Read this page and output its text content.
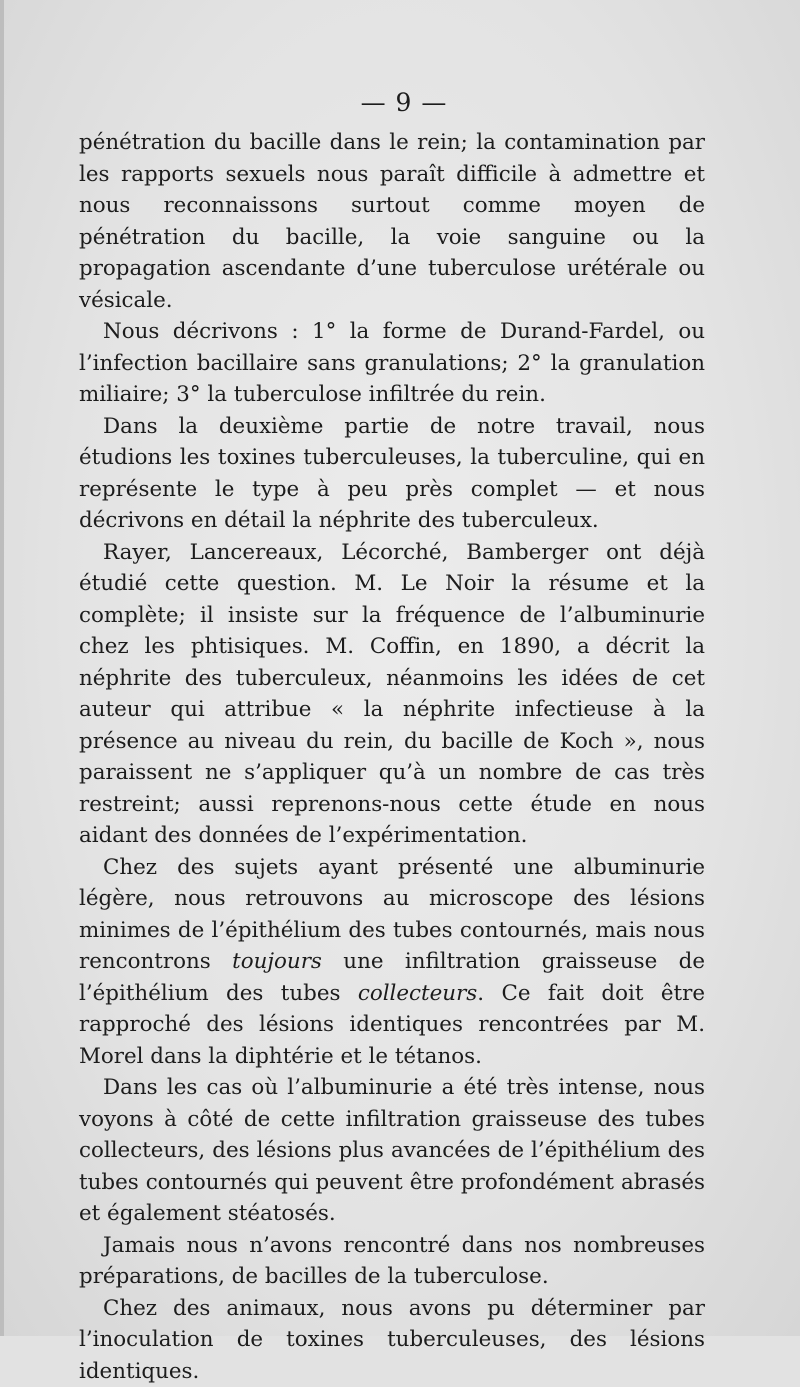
— 9 —

pénétration du bacille dans le rein; la contamination par les rapports sexuels nous paraît difficile à admettre et nous reconnaissons surtout comme moyen de pénétration du bacille, la voie sanguine ou la propagation ascendante d’une tuberculose urétérale ou vésicale.

Nous décrivons : 1° la forme de Durand-Fardel, ou l’infection bacillaire sans granulations; 2° la granulation miliaire; 3° la tuberculose infiltrée du rein.

Dans la deuxième partie de notre travail, nous étudions les toxines tuberculeuses, la tuberculine, qui en représente le type à peu près complet — et nous décrivons en détail la néphrite des tuberculeux.

Rayer, Lancereaux, Lécorché, Bamberger ont déjà étudié cette question. M. Le Noir la résume et la complète; il insiste sur la fréquence de l’albuminurie chez les phtisiques. M. Coffin, en 1890, a décrit la néphrite des tuberculeux, néanmoins les idées de cet auteur qui attribue « la néphrite infectieuse à la présence au niveau du rein, du bacille de Koch », nous paraissent ne s’appliquer qu’à un nombre de cas très restreint; aussi reprenons-nous cette étude en nous aidant des données de l’expérimentation.

Chez des sujets ayant présenté une albuminurie légère, nous retrouvons au microscope des lésions minimes de l’épithélium des tubes contournés, mais nous rencontrons toujours une infiltration graisseuse de l’épithélium des tubes collecteurs. Ce fait doit être rapproché des lésions identiques rencontrées par M. Morel dans la diphtérie et le tétanos.

Dans les cas où l’albuminurie a été très intense, nous voyons à côté de cette infiltration graisseuse des tubes collecteurs, des lésions plus avancées de l’épithélium des tubes contournés qui peuvent être profondément abrasés et également stéatosés.

Jamais nous n’avons rencontré dans nos nombreuses préparations, de bacilles de la tuberculose.

Chez des animaux, nous avons pu déterminer par l’inoculation de toxines tuberculeuses, des lésions identiques.
